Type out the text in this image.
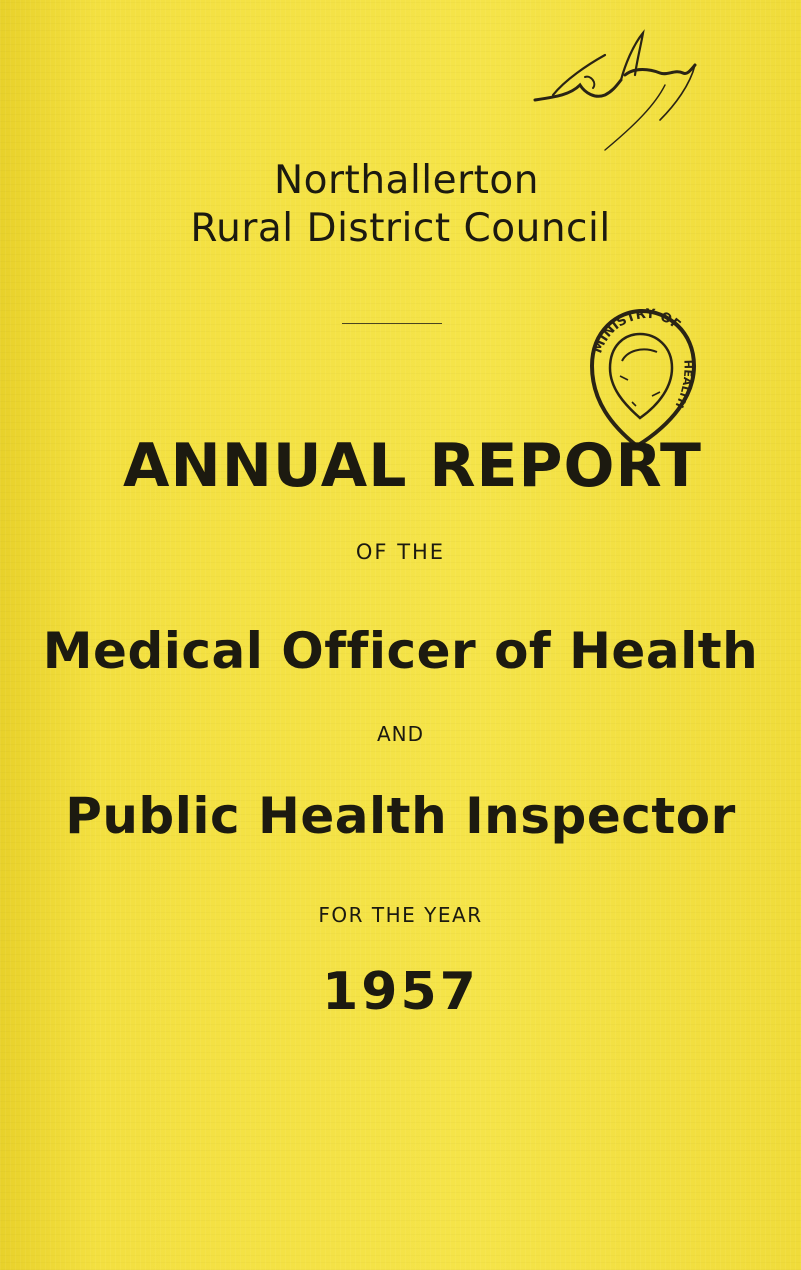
Northallerton

Rural District Council

MINISTRY OF
HEALTH
ANNUAL REPORT

OF THE

Medical Officer of Health

AND

Public Health Inspector

FOR THE YEAR

1957
